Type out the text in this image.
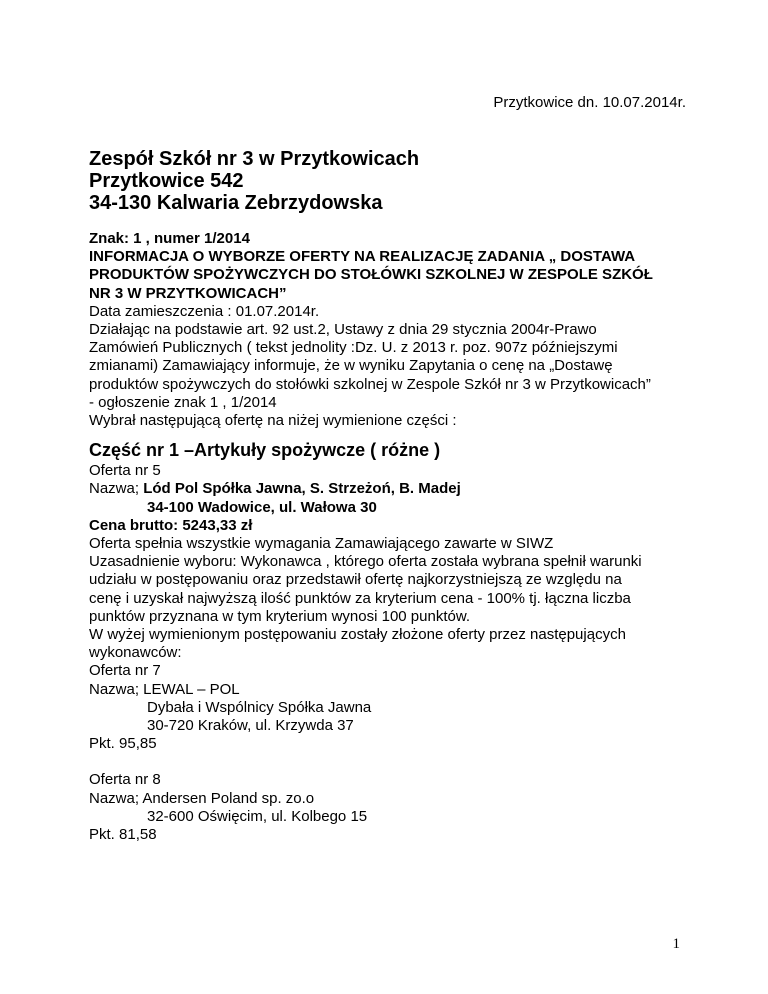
Przytkowice dn. 10.07.2014r.
Zespół Szkół nr 3 w Przytkowicach
Przytkowice 542
34-130 Kalwaria Zebrzydowska

Znak: 1 , numer 1/2014

INFORMACJA O WYBORZE OFERTY NA REALIZACJĘ ZADANIA „ DOSTAWA

PRODUKTÓW SPOŻYWCZYCH DO STOŁÓWKI SZKOLNEJ W ZESPOLE SZKÓŁ

NR 3 W PRZYTKOWICACH”

Data zamieszczenia : 01.07.2014r.

Działając na podstawie art. 92 ust.2, Ustawy z dnia 29 stycznia 2004r-Prawo

Zamówień Publicznych ( tekst jednolity :Dz. U. z 2013 r. poz. 907z późniejszymi

zmianami) Zamawiający informuje, że w wyniku Zapytania o cenę na „Dostawę

produktów spożywczych do stołówki szkolnej w Zespole Szkół nr 3 w Przytkowicach”

- ogłoszenie znak 1 , 1/2014

Wybrał następującą ofertę na niżej wymienione części :

Część nr 1 –Artykuły spożywcze ( różne )

Oferta nr 5

Nazwa; Lód Pol Spółka Jawna, S. Strzeżoń, B. Madej

34-100 Wadowice, ul. Wałowa 30

Cena brutto: 5243,33 zł

Oferta spełnia wszystkie wymagania Zamawiającego zawarte w SIWZ

Uzasadnienie wyboru: Wykonawca , którego oferta została wybrana spełnił warunki

udziału w postępowaniu oraz przedstawił ofertę najkorzystniejszą ze względu na

cenę i uzyskał najwyższą ilość punktów za kryterium cena - 100% tj. łączna liczba

punktów przyznana w tym kryterium wynosi 100 punktów.

W wyżej wymienionym postępowaniu zostały złożone oferty przez następujących

wykonawców:

Oferta nr 7

Nazwa; LEWAL – POL

Dybała i Wspólnicy Spółka Jawna

30-720 Kraków, ul. Krzywda 37

Pkt. 95,85

Oferta nr 8

Nazwa; Andersen Poland sp. zo.o

32-600 Oświęcim, ul. Kolbego 15

Pkt. 81,58

1
